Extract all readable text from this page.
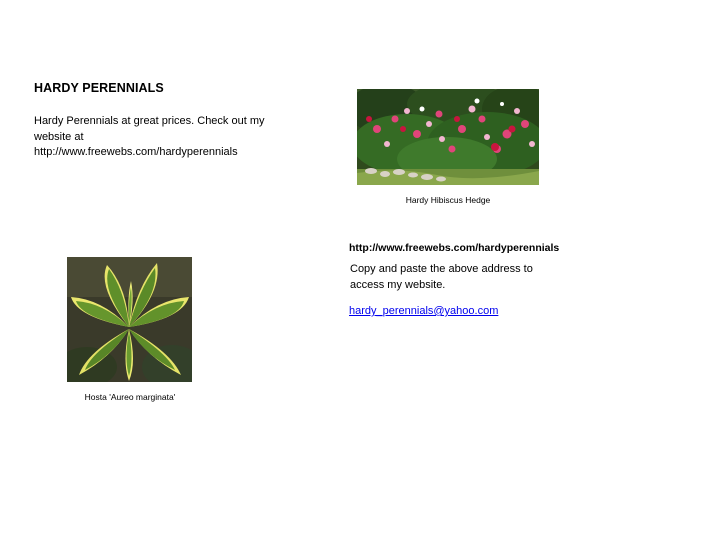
HARDY PERENNIALS
Hardy Perennials at great prices. Check out my website at http://www.freewebs.com/hardyperennials
Hardy Hibiscus Hedge
http://www.freewebs.com/hardyperennials
Copy and paste the above address to access my website.
hardy_perennials@yahoo.com
Hosta 'Aureo marginata'
